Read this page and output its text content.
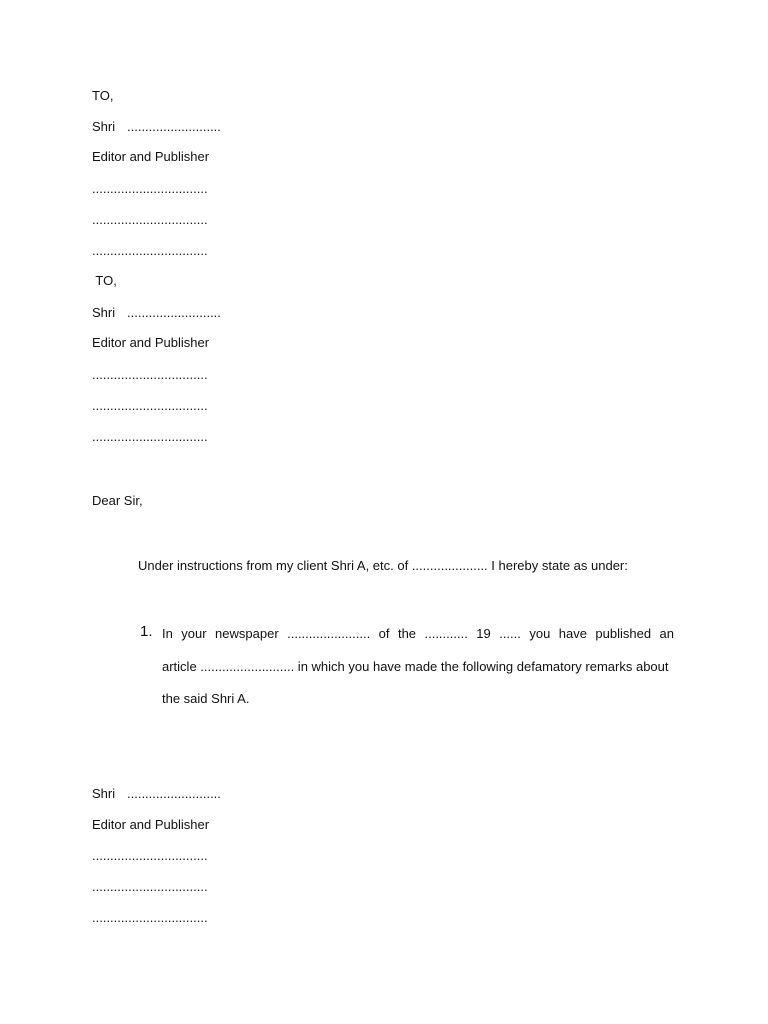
TO,
Shri ..........................
Editor and Publisher
................................
................................
................................
TO,
Shri ..........................
Editor and Publisher
................................
................................
................................
Dear Sir,
Under instructions from my client Shri A, etc. of ..................... I hereby state as under:
1. In your newspaper ....................... of the ............ 19 ...... you have published an
article .......................... in which you have made the following defamatory remarks about
the said Shri A.
Shri ..........................
Editor and Publisher
................................
................................
................................
